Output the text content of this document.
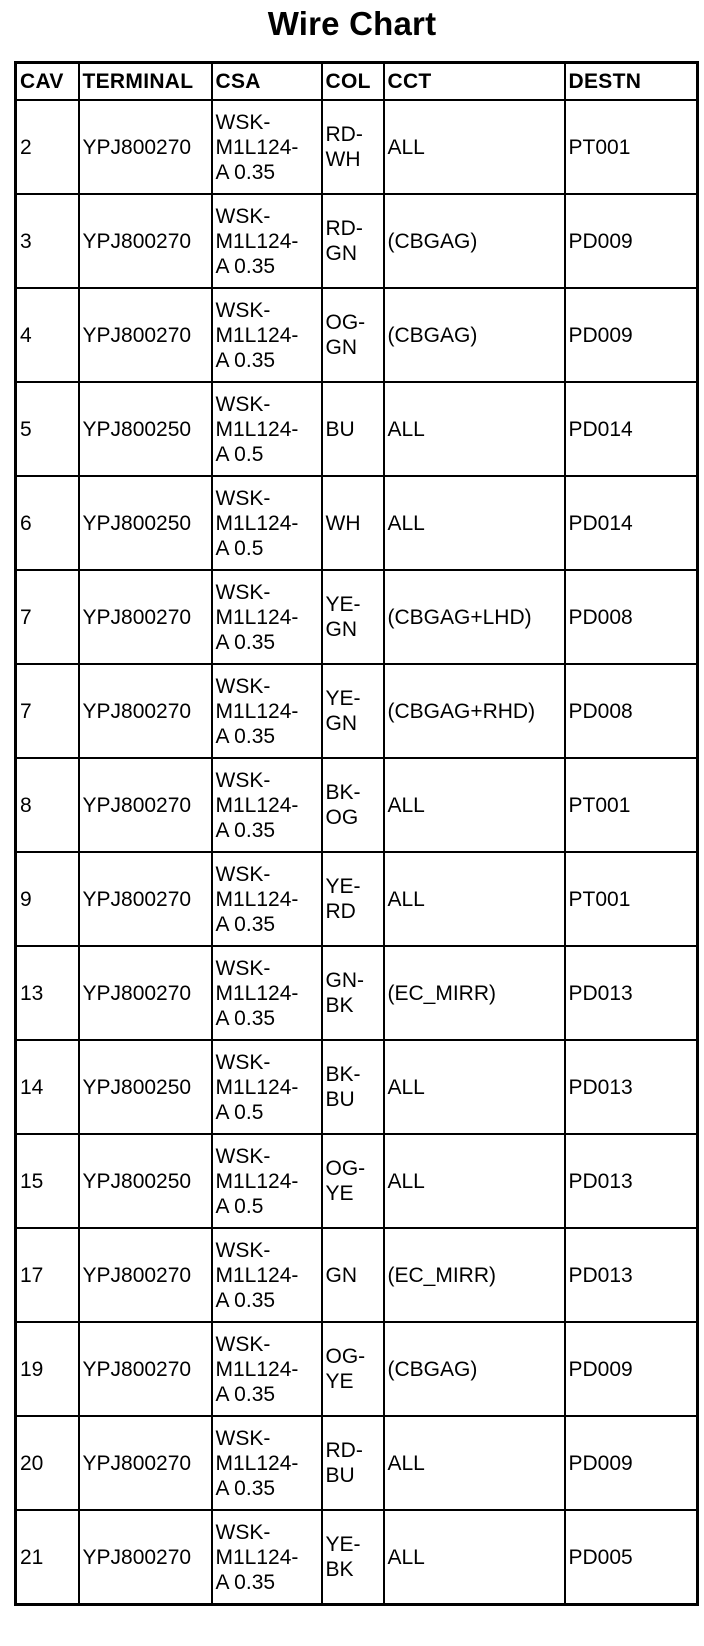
Wire Chart
CAV	TERMINAL	CSA	COL	CCT	DESTN
2	YPJ800270	WSK-
M1L124-
A 0.35	RD-
WH	ALL	PT001
3	YPJ800270	WSK-
M1L124-
A 0.35	RD-
GN	(CBGAG)	PD009
4	YPJ800270	WSK-
M1L124-
A 0.35	OG-
GN	(CBGAG)	PD009
5	YPJ800250	WSK-
M1L124-
A 0.5	BU	ALL	PD014
6	YPJ800250	WSK-
M1L124-
A 0.5	WH	ALL	PD014
7	YPJ800270	WSK-
M1L124-
A 0.35	YE-
GN	(CBGAG+LHD)	PD008
7	YPJ800270	WSK-
M1L124-
A 0.35	YE-
GN	(CBGAG+RHD)	PD008
8	YPJ800270	WSK-
M1L124-
A 0.35	BK-
OG	ALL	PT001
9	YPJ800270	WSK-
M1L124-
A 0.35	YE-
RD	ALL	PT001
13	YPJ800270	WSK-
M1L124-
A 0.35	GN-
BK	(EC_MIRR)	PD013
14	YPJ800250	WSK-
M1L124-
A 0.5	BK-
BU	ALL	PD013
15	YPJ800250	WSK-
M1L124-
A 0.5	OG-
YE	ALL	PD013
17	YPJ800270	WSK-
M1L124-
A 0.35	GN	(EC_MIRR)	PD013
19	YPJ800270	WSK-
M1L124-
A 0.35	OG-
YE	(CBGAG)	PD009
20	YPJ800270	WSK-
M1L124-
A 0.35	RD-
BU	ALL	PD009
21	YPJ800270	WSK-
M1L124-
A 0.35	YE-
BK	ALL	PD005
